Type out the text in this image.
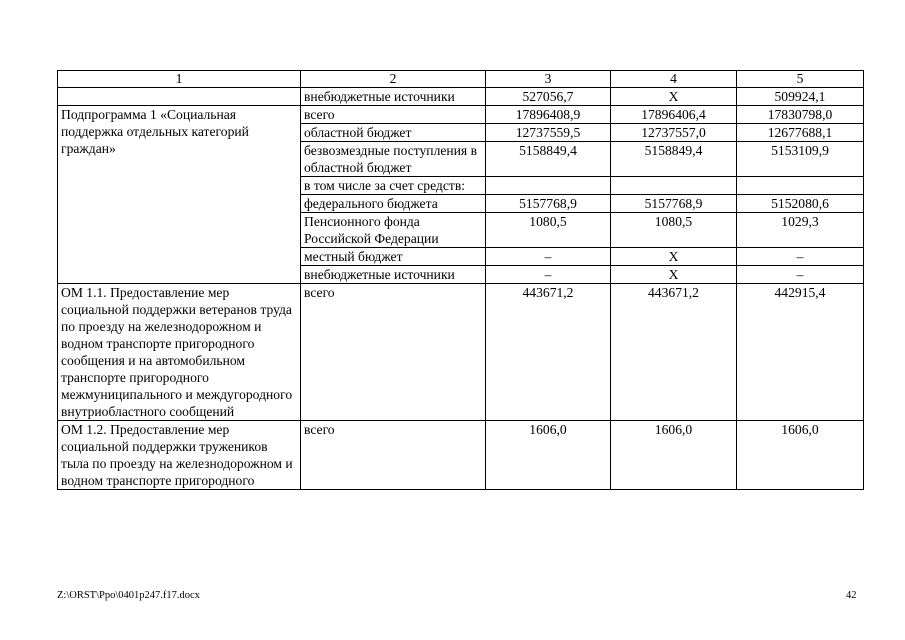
1	2	3	4	5
	внебюджетные источники	527056,7	Х	509924,1
Подпрограмма 1 «Социальная поддержка отдельных категорий граждан»	всего	17896408,9	17896406,4	17830798,0
	областной бюджет	12737559,5	12737557,0	12677688,1
	безвозмездные поступления в областной бюджет	5158849,4	5158849,4	5153109,9
	в том числе за счет средств:			
	федерального бюджета	5157768,9	5157768,9	5152080,6
	Пенсионного фонда Российской Федерации	1080,5	1080,5	1029,3
	местный бюджет	–	Х	–
	внебюджетные источники	–	Х	–
ОМ 1.1. Предоставление мер социальной поддержки ветеранов труда по проезду на железнодорожном и водном транспорте пригородного сообщения и на автомобильном транспорте пригородного межмуниципального и междугородного внутриобластного сообщений	всего	443671,2	443671,2	442915,4
ОМ 1.2. Предоставление мер социальной поддержки тружеников тыла по проезду на железнодорожном и водном транспорте пригородного	всего	1606,0	1606,0	1606,0
Z:\ORST\Ppo\0401p247.f17.docx	42
